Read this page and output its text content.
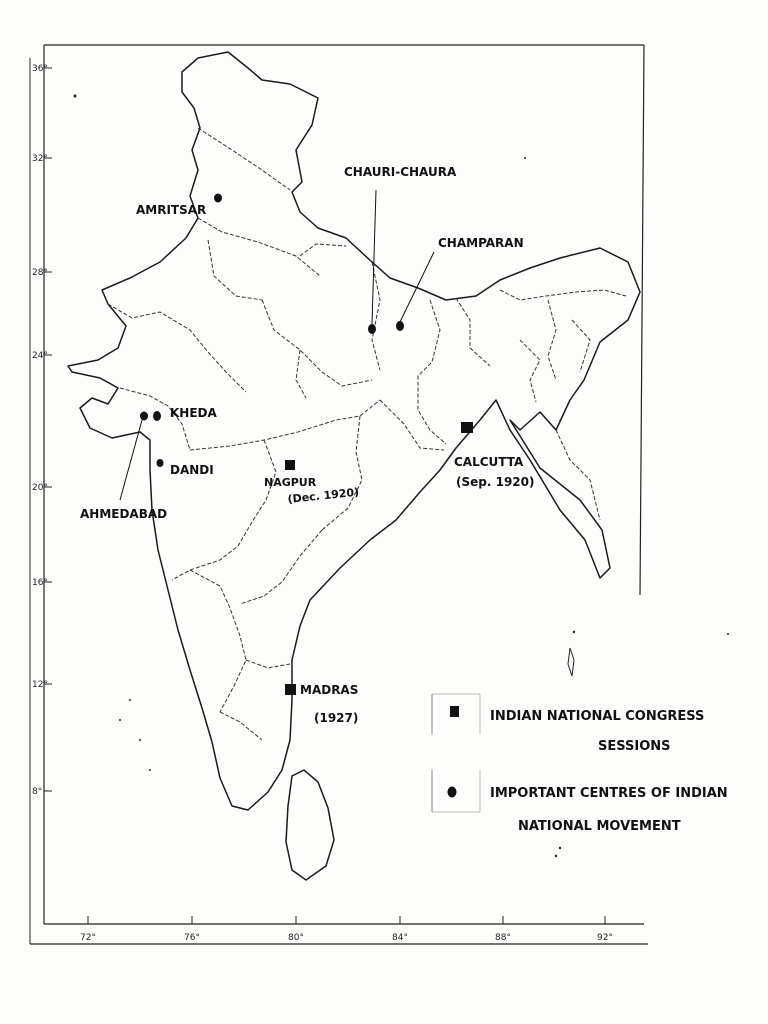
36°
32°
28°
24°
20°
16°
12°
8°
72°	76°	80°	84°	88°	92°
AMRITSAR
CHAURI-CHAURA
CHAMPARAN
KHEDA
DANDI
AHMEDABAD
NAGPUR
(Dec. 1920)
CALCUTTA
(Sep. 1920)
MADRAS
(1927)	INDIAN NATIONAL CONGRESS
SESSIONS
IMPORTANT CENTRES OF INDIAN
NATIONAL MOVEMENT
